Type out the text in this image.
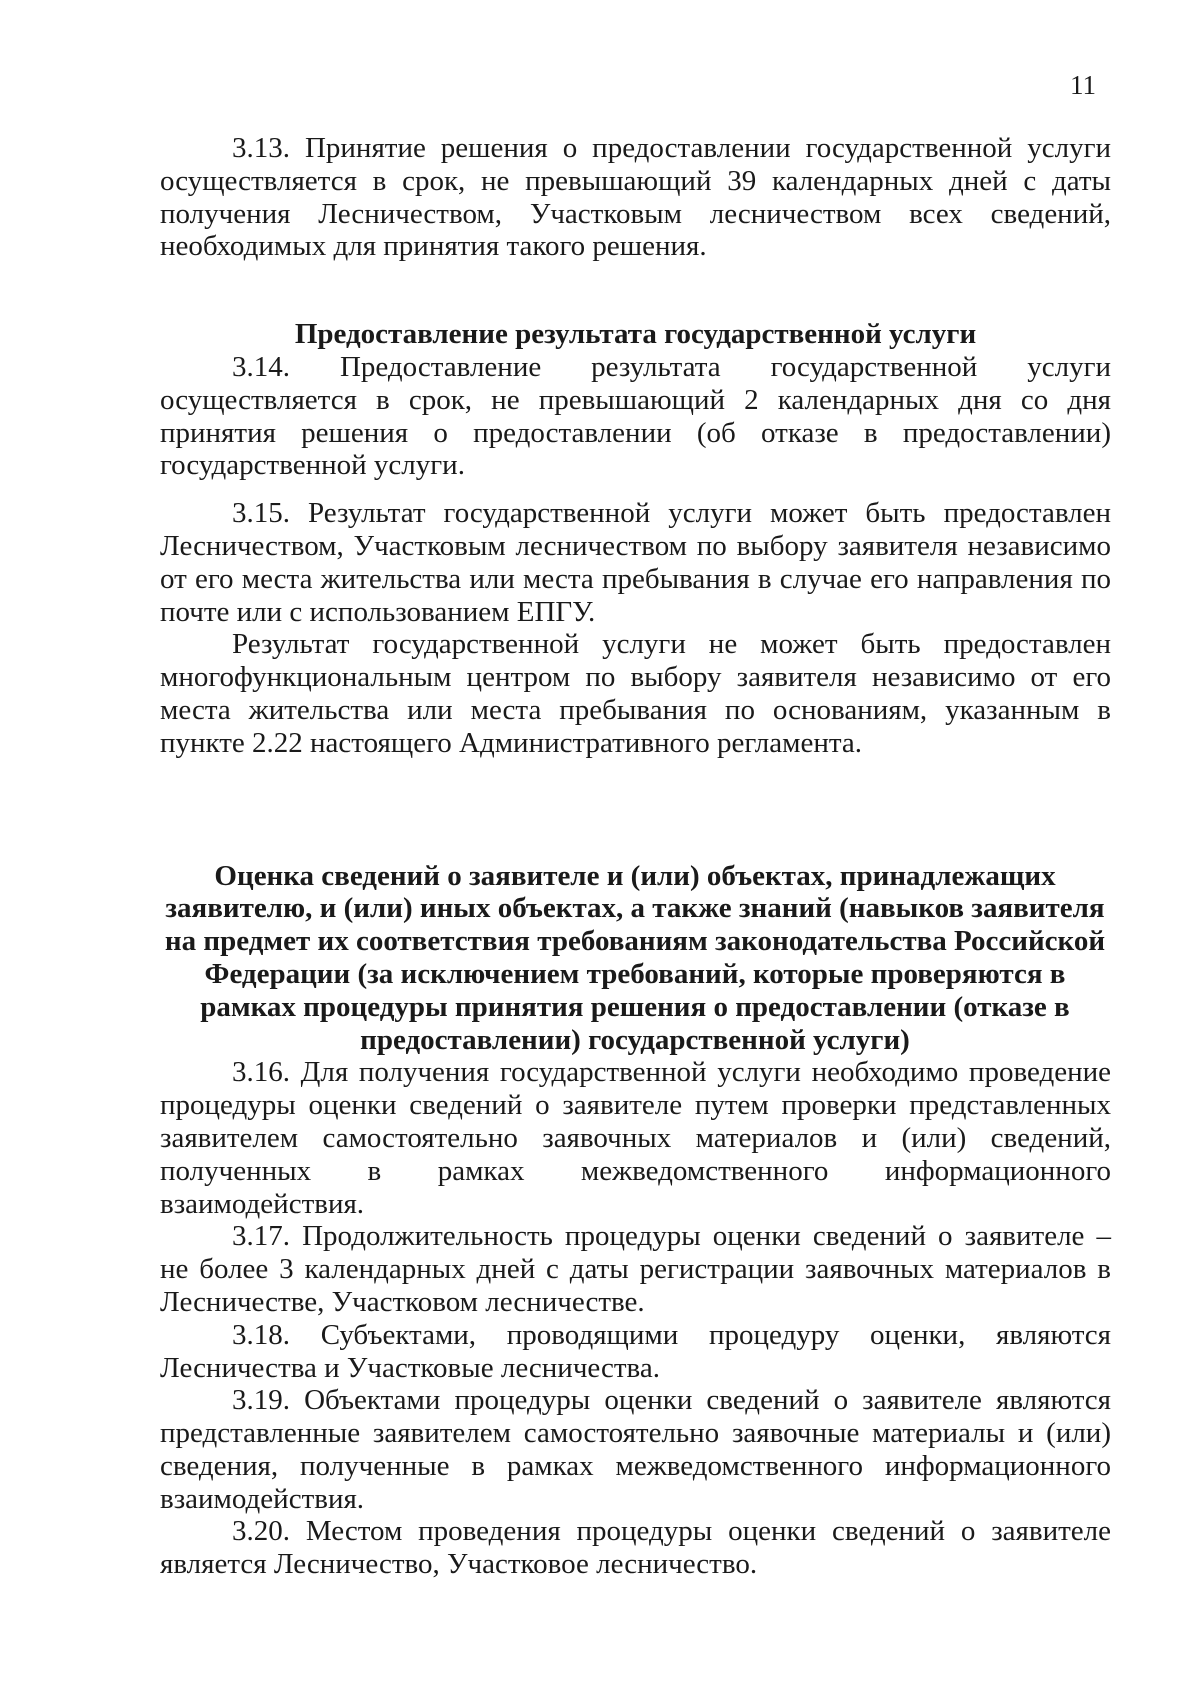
11

3.13. Принятие решения о предоставлении государственной услуги осуществляется в срок, не превышающий 39 календарных дней с даты получения Лесничеством, Участковым лесничеством всех сведений, необходимых для принятия такого решения.

Предоставление результата государственной услуги

3.14. Предоставление результата государственной услуги осуществляется в срок, не превышающий 2 календарных дня со дня принятия решения о предоставлении (об отказе в предоставлении) государственной услуги.

3.15. Результат государственной услуги может быть предоставлен Лесничеством, Участковым лесничеством по выбору заявителя независимо от его места жительства или места пребывания в случае его направления по почте или с использованием ЕПГУ.

Результат государственной услуги не может быть предоставлен многофункциональным центром по выбору заявителя независимо от его места жительства или места пребывания по основаниям, указанным в пункте 2.22 настоящего Административного регламента.

Оценка сведений о заявителе и (или) объектах, принадлежащих заявителю, и (или) иных объектах, а также знаний (навыков заявителя на предмет их соответствия требованиям законодательства Российской Федерации (за исключением требований, которые проверяются в рамках процедуры принятия решения о предоставлении (отказе в предоставлении) государственной услуги)

3.16. Для получения государственной услуги необходимо проведение процедуры оценки сведений о заявителе путем проверки представленных заявителем самостоятельно заявочных материалов и (или) сведений, полученных в рамках межведомственного информационного взаимодействия.

3.17. Продолжительность процедуры оценки сведений о заявителе – не более 3 календарных дней с даты регистрации заявочных материалов в Лесничестве, Участковом лесничестве.

3.18. Субъектами, проводящими процедуру оценки, являются Лесничества и Участковые лесничества.

3.19. Объектами процедуры оценки сведений о заявителе являются представленные заявителем самостоятельно заявочные материалы и (или) сведения, полученные в рамках межведомственного информационного взаимодействия.

3.20. Местом проведения процедуры оценки сведений о заявителе является Лесничество, Участковое лесничество.
